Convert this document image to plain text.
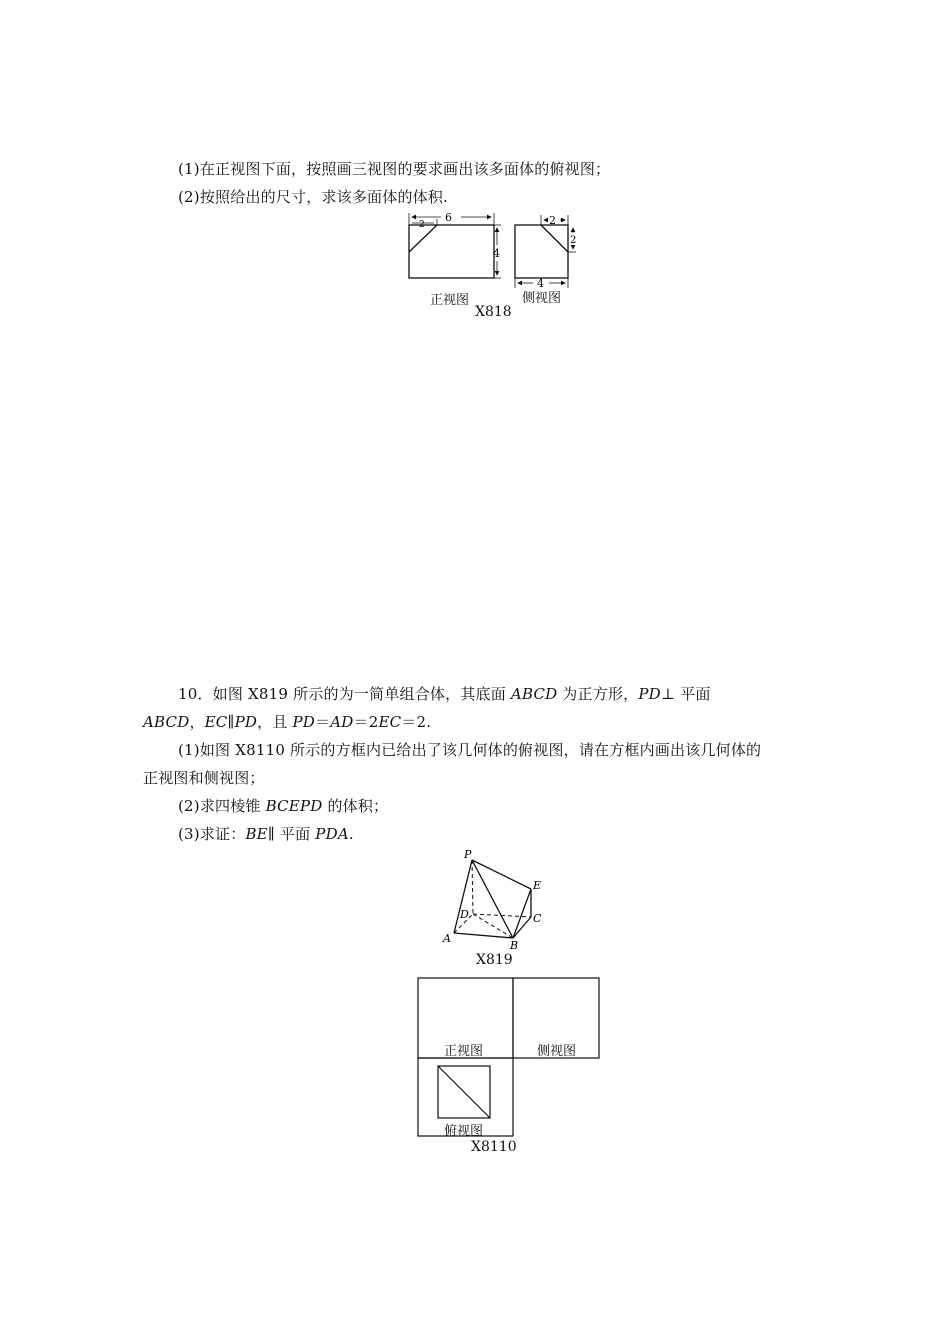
(1)在正视图下面，按照画三视图的要求画出该多面体的俯视图；
(2)按照给出的尺寸，求该多面体的体积.
6
2
4
2
2
4
正视图	侧视图
X818
10．如图 X819 所示的为一简单组合体，其底面 ABCD 为正方形，PD⊥ 平面
ABCD，EC∥PD，且 PD＝AD＝2EC＝2.
(1)如图 X8110 所示的方框内已给出了该几何体的俯视图，请在方框内画出该几何体的
正视图和侧视图；
(2)求四棱锥 BCEPD 的体积；
(3)求证：BE∥ 平面 PDA.
P
E
D	C
A
B
X819
正视图	侧视图
俯视图
X8110
